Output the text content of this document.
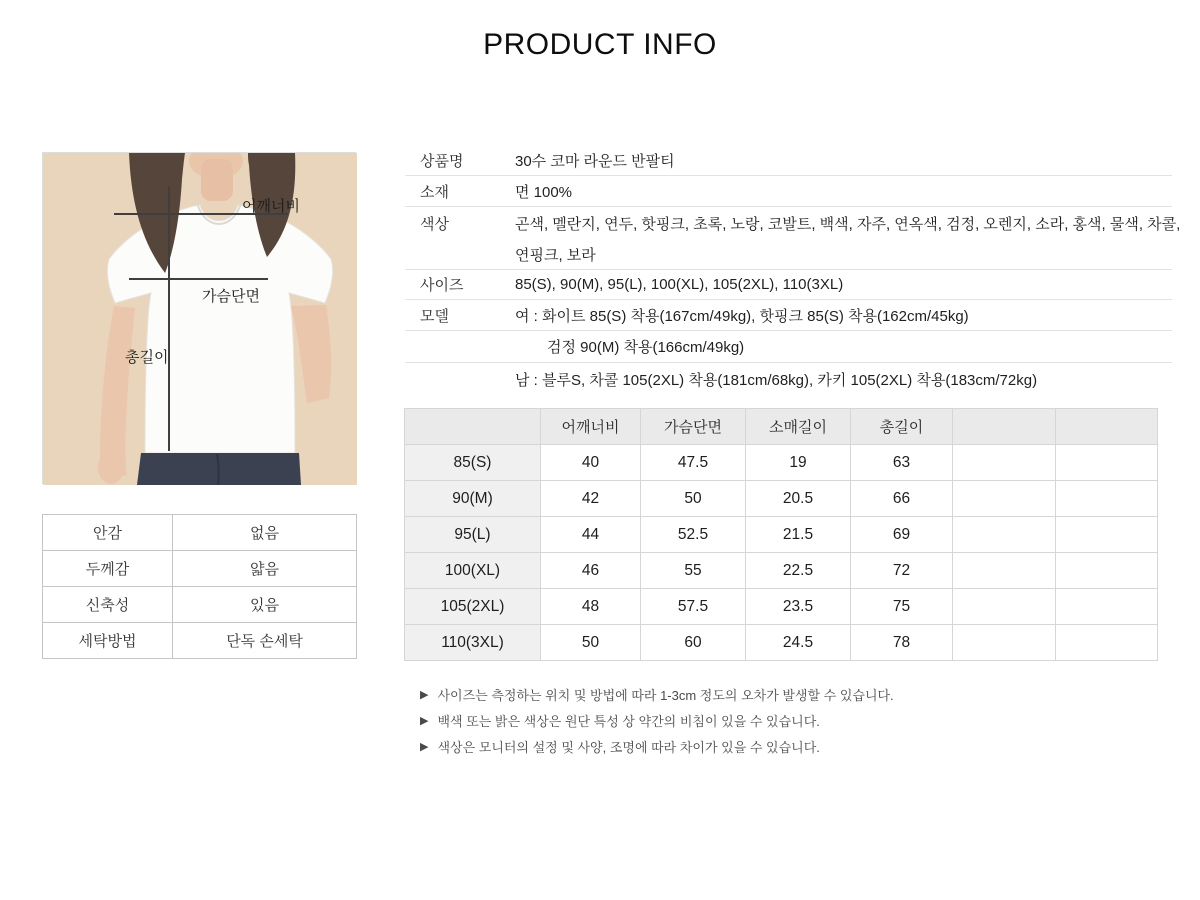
PRODUCT INFO
어깨너비
가슴단면
총길이
안감	없음
두께감	얇음
신축성	있음
세탁방법	단독 손세탁
상품명	30수 코마 라운드 반팔티
소재	면 100%
색상	곤색, 멜란지, 연두, 핫핑크, 초록, 노랑, 코발트, 백색, 자주, 연옥색, 검정, 오렌지, 소라, 홍색, 물색, 차콜,
연핑크, 보라
사이즈	85(S), 90(M), 95(L), 100(XL), 105(2XL), 110(3XL)
모델	여 : 화이트 85(S) 착용(167cm/49kg), 핫핑크 85(S) 착용(162cm/45kg)
검정 90(M) 착용(166cm/49kg)
남 : 블루S, 차콜 105(2XL) 착용(181cm/68kg), 카키 105(2XL) 착용(183cm/72kg)
	어깨너비	가슴단면	소매길이	총길이		
85(S)	40	47.5	19	63		
90(M)	42	50	20.5	66		
95(L)	44	52.5	21.5	69		
100(XL)	46	55	22.5	72		
105(2XL)	48	57.5	23.5	75		
110(3XL)	50	60	24.5	78		
▶ 사이즈는 측정하는 위치 및 방법에 따라 1-3cm 정도의 오차가 발생할 수 있습니다.
▶ 백색 또는 밝은 색상은 원단 특성 상 약간의 비침이 있을 수 있습니다.
▶ 색상은 모니터의 설정 및 사양, 조명에 따라 차이가 있을 수 있습니다.
